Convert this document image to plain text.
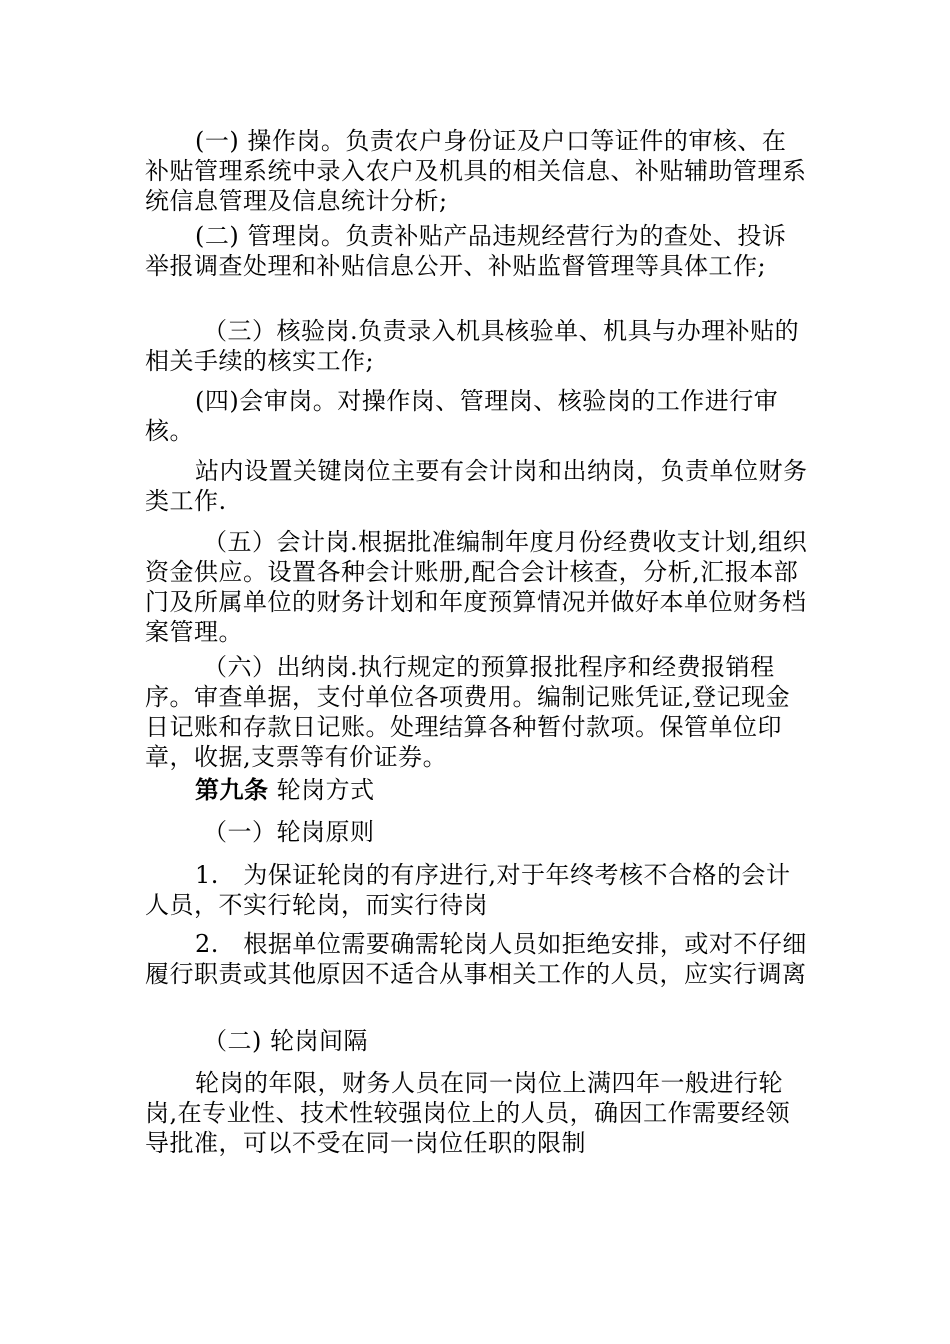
(一) 操作岗。负责农户身份证及户口等证件的审核、在补贴管理系统中录入农户及机具的相关信息、补贴辅助管理系统信息管理及信息统计分析;

(二) 管理岗。负责补贴产品违规经营行为的查处、投诉举报调查处理和补贴信息公开、补贴监督管理等具体工作;

（三）核验岗.负责录入机具核验单、机具与办理补贴的相关手续的核实工作;

(四)会审岗。对操作岗、管理岗、核验岗的工作进行审核。

站内设置关键岗位主要有会计岗和出纳岗，负责单位财务类工作.

（五）会计岗.根据批准编制年度月份经费收支计划,组织资金供应。设置各种会计账册,配合会计核查，分析,汇报本部门及所属单位的财务计划和年度预算情况并做好本单位财务档案管理。

（六）出纳岗.执行规定的预算报批程序和经费报销程序。审查单据，支付单位各项费用。编制记账凭证,登记现金日记账和存款日记账。处理结算各种暂付款项。保管单位印章，收据,支票等有价证券。

第九条 轮岗方式

（一）轮岗原则

1.　为保证轮岗的有序进行,对于年终考核不合格的会计人员，不实行轮岗，而实行待岗

2.　根据单位需要确需轮岗人员如拒绝安排，或对不仔细履行职责或其他原因不适合从事相关工作的人员，应实行调离

（二) 轮岗间隔

轮岗的年限，财务人员在同一岗位上满四年一般进行轮岗,在专业性、技术性较强岗位上的人员，确因工作需要经领导批准，可以不受在同一岗位任职的限制
